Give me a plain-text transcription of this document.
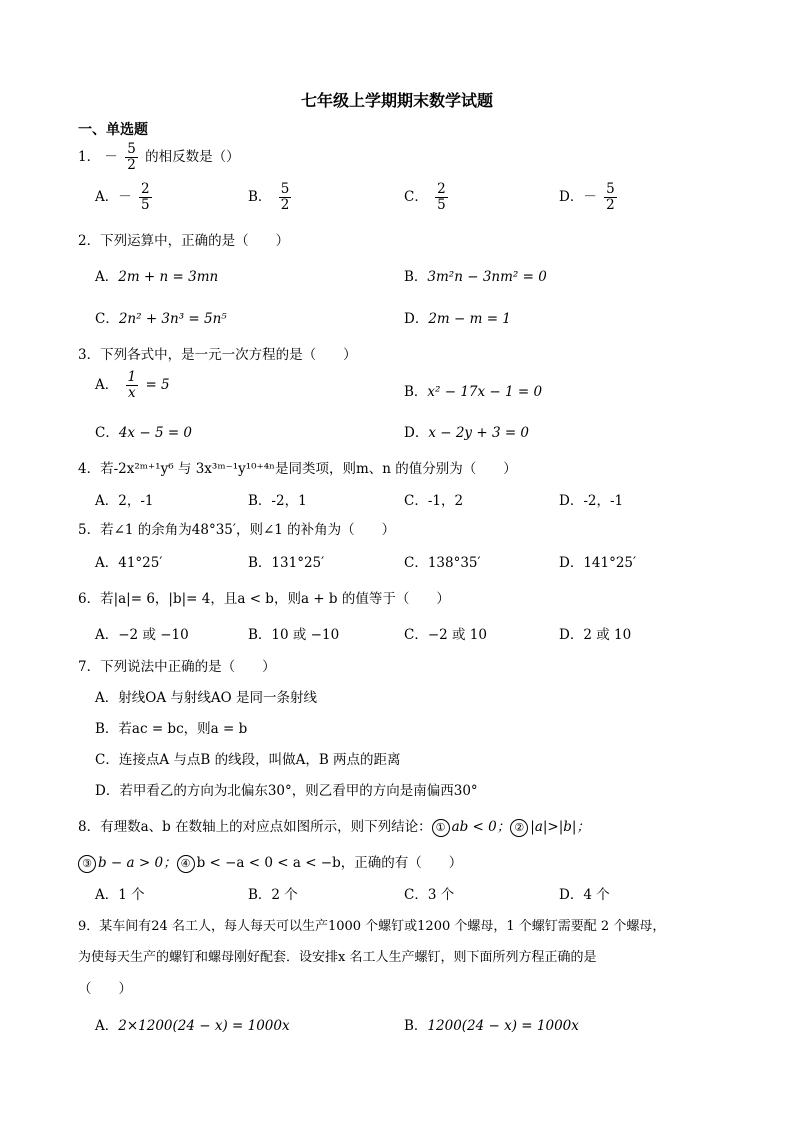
七年级上学期期末数学试题
一、单选题
1． － $\frac{5}{2}$ 的相反数是（）
A．－ $\frac{2}{5}$	B． $\frac{5}{2}$	C． $\frac{2}{5}$	D．－ $\frac{5}{2}$
2．下列运算中，正确的是（　　）
A．2m + n = 3mn	B．3m²n − 3nm² = 0
C．2n² + 3n³ = 5n⁵	D．2m − m = 1
3．下列各式中，是一元一次方程的是（　　）
A． $\frac{1}{x} = 5$	B．x² − 17x − 1 = 0
C．4x − 5 = 0	D．x − 2y + 3 = 0
4．若-2x²ᵐ⁺¹y⁶ 与 3x³ᵐ⁻¹y¹⁰⁺⁴ⁿ是同类项，则m、n 的值分别为（　　）
A．2，-1	B．-2，1	C．-1，2	D．-2，-1
5．若∠1 的余角为48°35′，则∠1 的补角为（　　）
A．41°25′	B．131°25′	C．138°35′	D．141°25′
6．若|a|= 6，|b|= 4，且a < b，则a + b 的值等于（　　）
A．−2 或 −10	B．10 或 −10	C．−2 或 10	D．2 或 10
7．下列说法中正确的是（　　）
A．射线OA 与射线AO 是同一条射线
B．若ac = bc，则a = b
C．连接点A 与点B 的线段，叫做A，B 两点的距离
D．若甲看乙的方向为北偏东30°，则乙看甲的方向是南偏西30°
8．有理数a、b 在数轴上的对应点如图所示，则下列结论： ① ab < 0； ② |a|>|b|；
③ b − a > 0； ④ b < −a < 0 < a < −b，正确的有（　　）
A．1 个	B．2 个	C．3 个	D．4 个
9．某车间有24 名工人，每人每天可以生产1000 个螺钉或1200 个螺母，1 个螺钉需要配 2 个螺母，
为使每天生产的螺钉和螺母刚好配套．设安排x 名工人生产螺钉，则下面所列方程正确的是
（　　）
A．2×1200(24 − x) = 1000x	B．1200(24 − x) = 1000x
